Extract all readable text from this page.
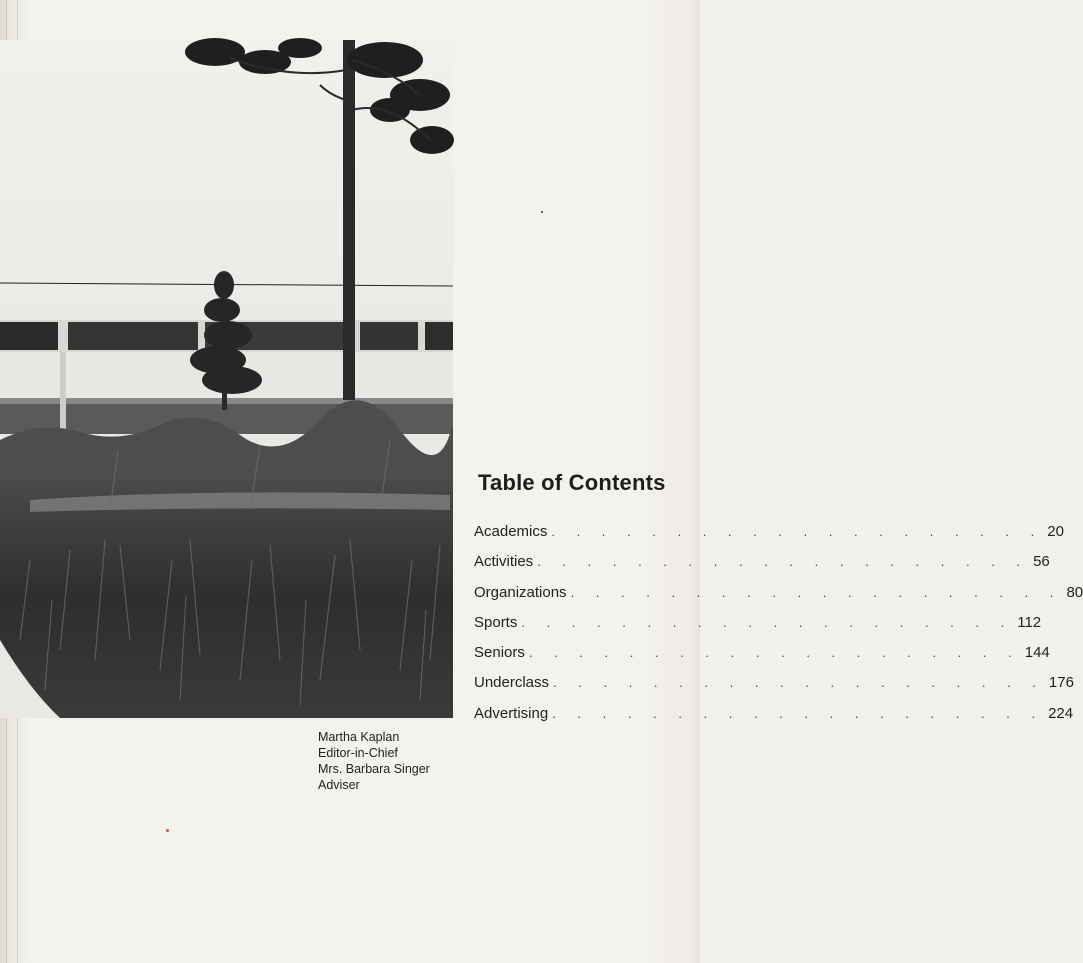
Martha Kaplan
Editor-in-Chief
Mrs. Barbara Singer
Adviser
Table of Contents
Academics . . . . . . . . . . . . . . . . . . . . 20
Activities . . . . . . . . . . . . . . . . . . . . 56
Organizations . . . . . . . . . . . . . . . . . . . . 80
Sports . . . . . . . . . . . . . . . . . . . . 112
Seniors . . . . . . . . . . . . . . . . . . . . 144
Underclass . . . . . . . . . . . . . . . . . . . . 176
Advertising . . . . . . . . . . . . . . . . . . . . 224
